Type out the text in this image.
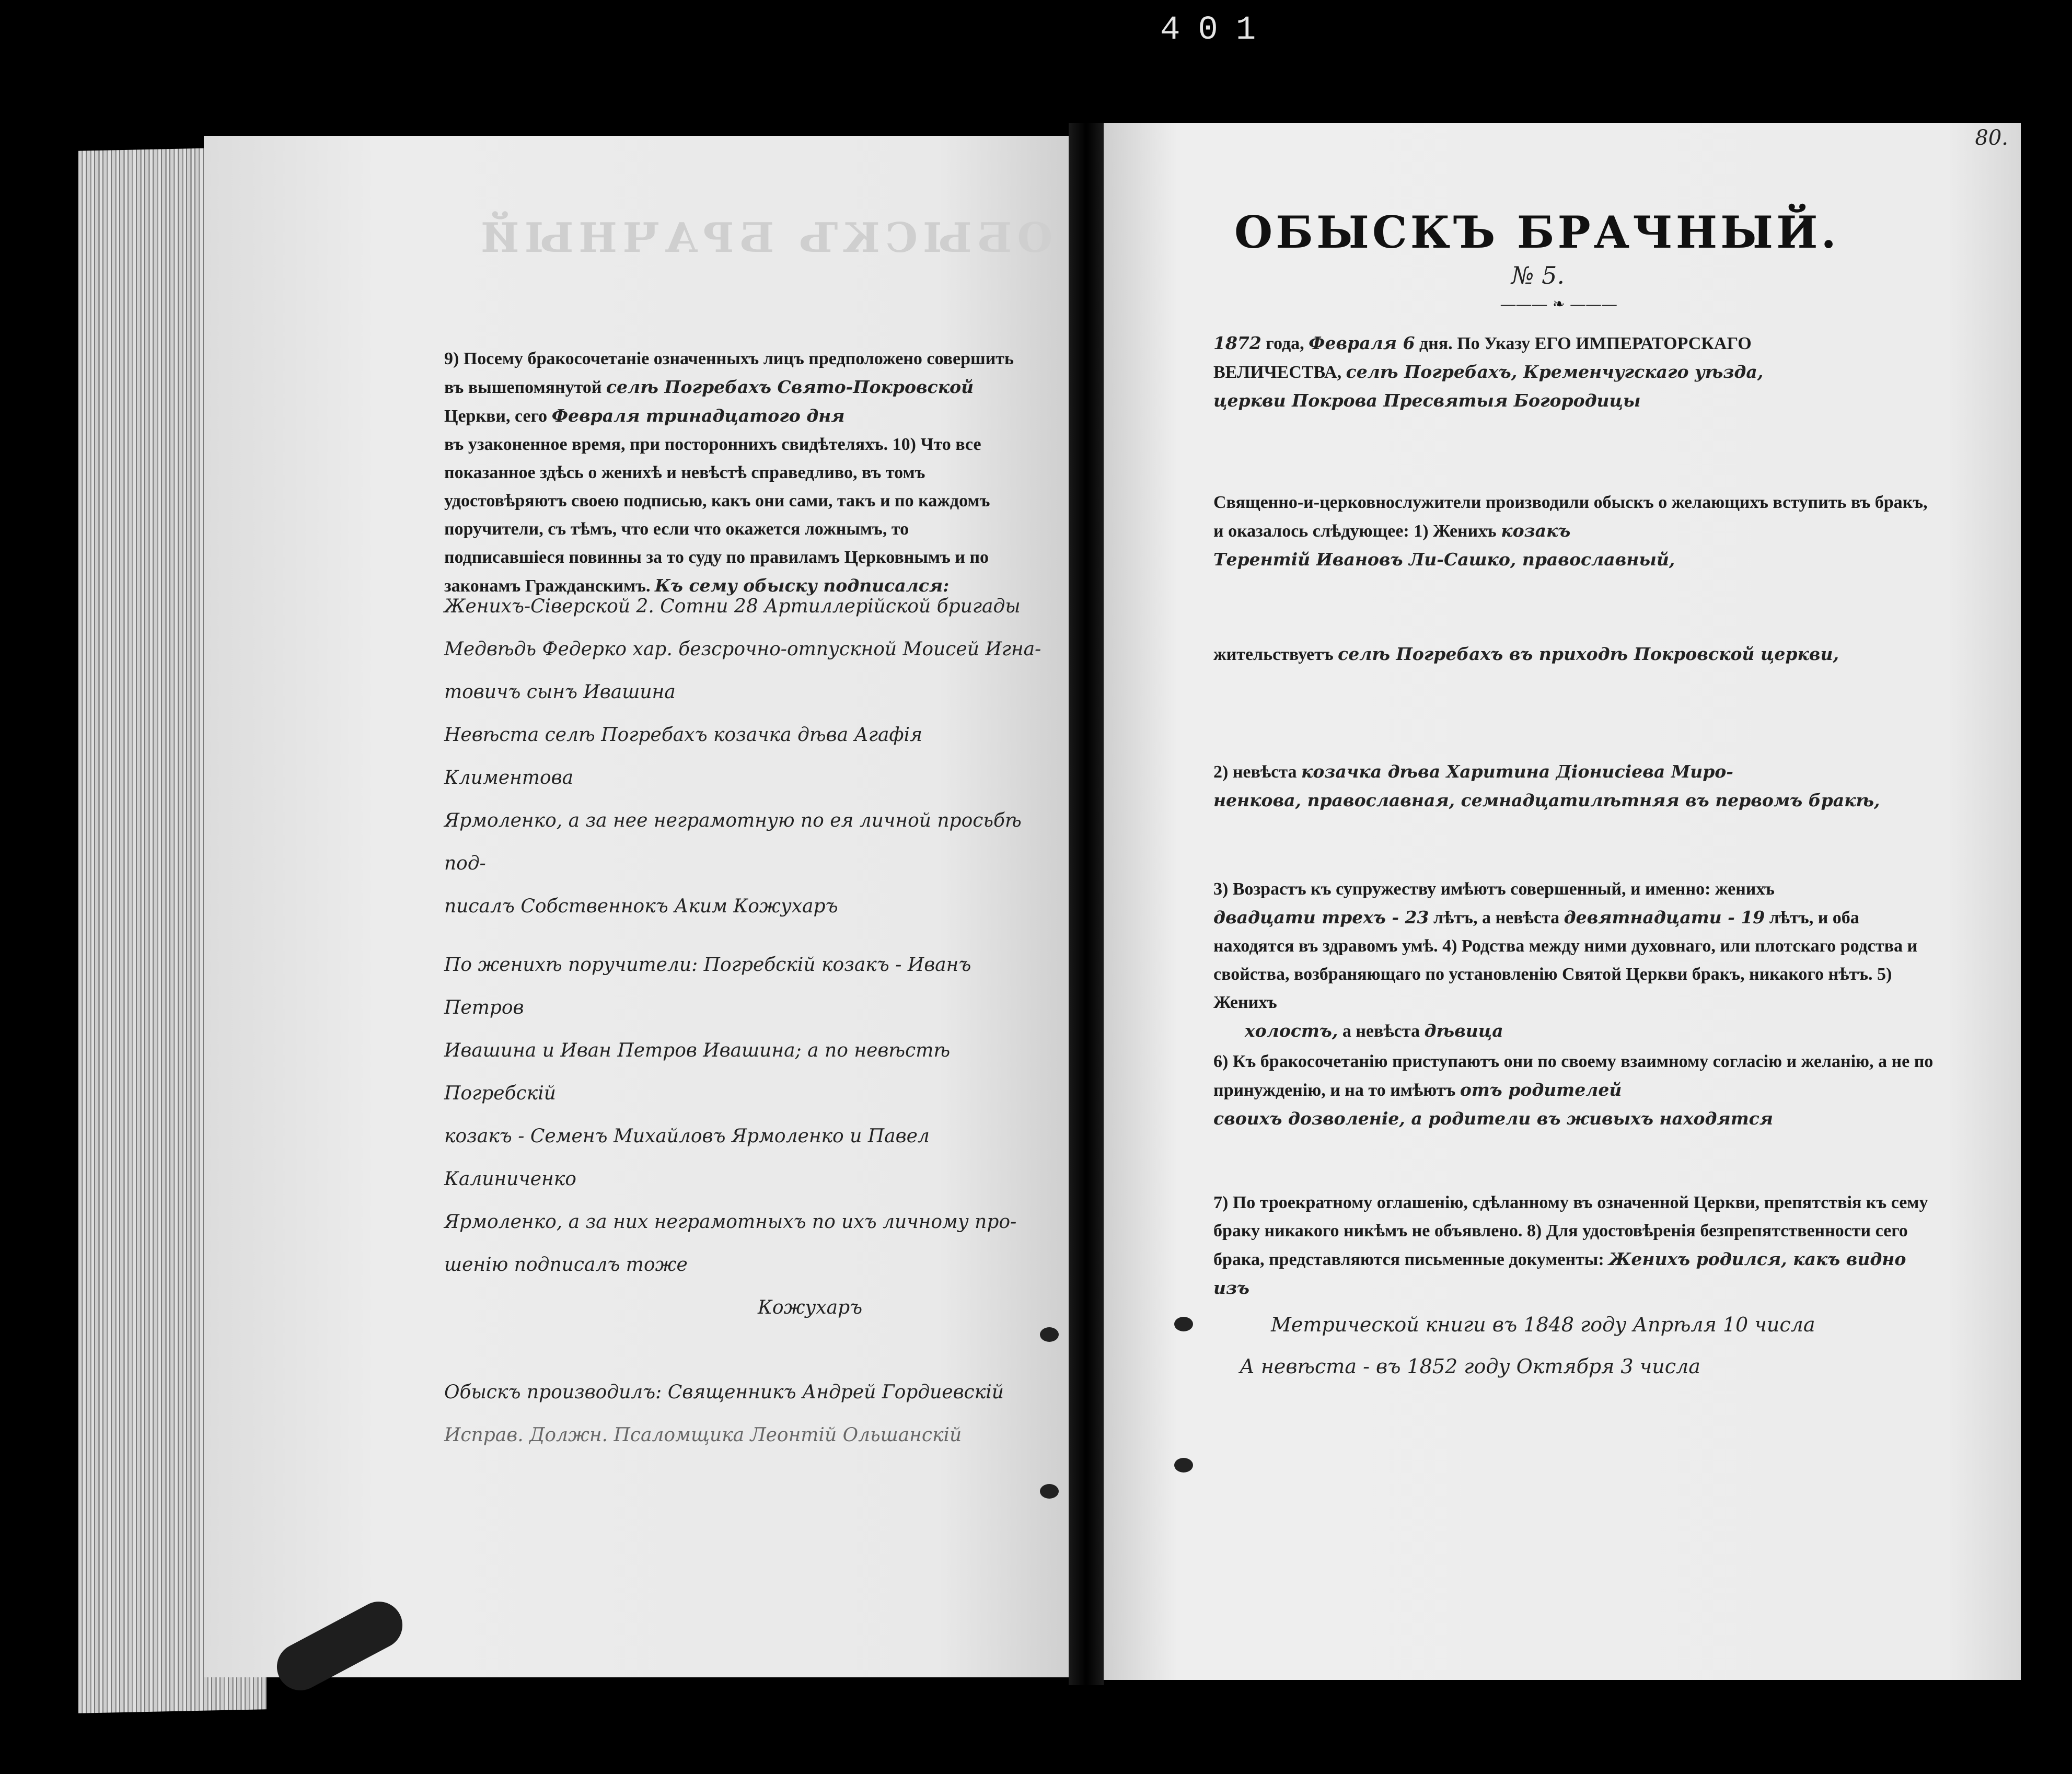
401
ОБЫСКЪ БРАЧНЫЙ
9) Посему бракосочетаніе означенныхъ лицъ предположено совершить въ вышепомянутой селѣ Погребахъ Свято-Покровской
Церкви, сего Февраля тринадцатого дня
въ узаконенное время, при постороннихъ свидѣтеляхъ. 10) Что все показанное здѣсь о женихѣ и невѣстѣ справедливо, въ томъ удостовѣряютъ своею подписью, какъ они сами, такъ и по каждомъ поручители, съ тѣмъ, что если что окажется ложнымъ, то подписавшіеся повинны за то суду по правиламъ Церковнымъ и по законамъ Гражданскимъ. Къ сему обыску подписался:
Женихъ-Сіверской 2. Сотни 28 Артиллерійской бригады
Медвѣдь Федерко хар. безсрочно-отпускной Моисей Игна-
товичъ сынъ Ивашина
Невѣста селѣ Погребахъ козачка дѣва Агафія Климентова
Ярмоленко, а за нее неграмотную по ея личной просьбѣ под-
писалъ Собственнокъ Аким Кожухаръ
По женихѣ поручители: Погребскій козакъ - Иванъ Петров
Ивашина и Иван Петров Ивашина; а по невѣстѣ Погребскій
козакъ - Семенъ Михайловъ Ярмоленко и Павел Калиниченко
Ярмоленко, а за них неграмотныхъ по ихъ личному про-
шенію подписалъ тоже
Кожухаръ
Обыскъ производилъ: Священникъ Андрей Гордиевскій
Исправ. Должн. Псаломщика Леонтій Ольшанскій
80.
ОБЫСКЪ БРАЧНЫЙ.
№ 5.
——— ❧ ———
1872 года, Февраля 6 дня. По Указу ЕГО ИМПЕРАТОРСКАГО
ВЕЛИЧЕСТВА, селѣ Погребахъ, Кременчугскаго уѣзда,
церкви Покрова Пресвятыя Богородицы
Священно-и-церковнослужители производили обыскъ о желающихъ вступить въ бракъ, и оказалось слѣдующее: 1) Женихъ козакъ
Терентій Ивановъ Ли-Сашко, православный,
жительствуетъ селѣ Погребахъ въ приходѣ Покровской церкви,
2) невѣста козачка дѣва Харитина Діонисіева Миро-
ненкова, православная, семнадцатилѣтняя въ первомъ бракѣ,
3) Возрастъ къ супружеству имѣютъ совершенный, и именно: женихъ
двадцати трехъ - 23 лѣтъ, а невѣста девятнадцати - 19 лѣтъ, и оба находятся въ здравомъ умѣ. 4) Родства между ними духовнаго, или плотскаго родства и свойства, возбраняющаго по установленію Святой Церкви бракъ, никакого нѣтъ. 5) Женихъ
холостъ, а невѣста дѣвица
6) Къ бракосочетанію приступаютъ они по своему взаимному согласію и желанію, а не по принужденію, и на то имѣютъ отъ родителей
своихъ дозволеніе, а родители въ живыхъ находятся
7) По троекратному оглашенію, сдѣланному въ означенной Церкви, препятствія къ сему браку никакого никѣмъ не объявлено. 8) Для удостовѣренія безпрепятственности сего брака, представляются письменные документы: Женихъ родился, какъ видно изъ
Метрической книги въ 1848 году Апрѣля 10 числа
А невѣста - въ 1852 году Октября 3 числа
